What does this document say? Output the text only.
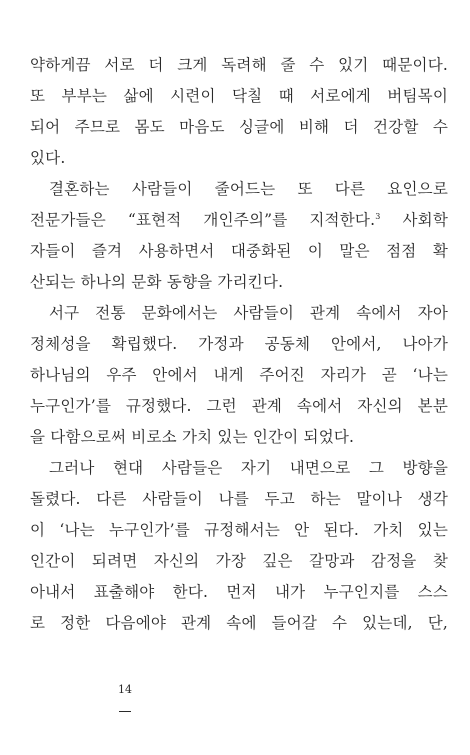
약하게끔 서로 더 크게 독려해 줄 수 있기 때문이다.
또 부부는 삶에 시련이 닥칠 때 서로에게 버팀목이
되어 주므로 몸도 마음도 싱글에 비해 더 건강할 수
있다.
결혼하는 사람들이 줄어드는 또 다른 요인으로
전문가들은 “표현적 개인주의”를 지적한다.$^3$ 사회학
자들이 즐겨 사용하면서 대중화된 이 말은 점점 확
산되는 하나의 문화 동향을 가리킨다.
서구 전통 문화에서는 사람들이 관계 속에서 자아
정체성을 확립했다. 가정과 공동체 안에서, 나아가
하나님의 우주 안에서 내게 주어진 자리가 곧 ‘나는
누구인가’를 규정했다. 그런 관계 속에서 자신의 본분
을 다함으로써 비로소 가치 있는 인간이 되었다.
그러나 현대 사람들은 자기 내면으로 그 방향을
돌렸다. 다른 사람들이 나를 두고 하는 말이나 생각
이 ‘나는 누구인가’를 규정해서는 안 된다. 가치 있는
인간이 되려면 자신의 가장 깊은 갈망과 감정을 찾
아내서 표출해야 한다. 먼저 내가 누구인지를 스스
로 정한 다음에야 관계 속에 들어갈 수 있는데, 단,
14
